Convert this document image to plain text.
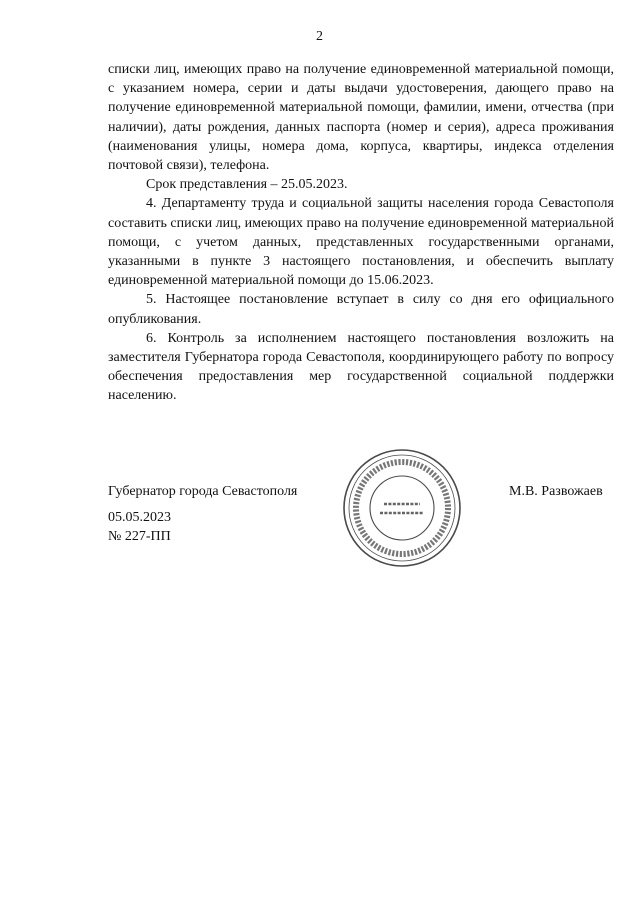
2

списки лиц, имеющих право на получение единовременной материальной помощи, с указанием номера, серии и даты выдачи удостоверения, дающего право на получение единовременной материальной помощи, фамилии, имени, отчества (при наличии), даты рождения, данных паспорта (номер и серия), адреса проживания (наименования улицы, номера дома, корпуса, квартиры, индекса отделения почтовой связи), телефона.

Срок представления – 25.05.2023.

4. Департаменту труда и социальной защиты населения города Севастополя составить списки лиц, имеющих право на получение единовременной материальной помощи, с учетом данных, представленных государственными органами, указанными в пункте 3 настоящего постановления, и обеспечить выплату единовременной материальной помощи до 15.06.2023.

5. Настоящее постановление вступает в силу со дня его официального опубликования.

6. Контроль за исполнением настоящего постановления возложить на заместителя Губернатора города Севастополя, координирующего работу по вопросу обеспечения предоставления мер государственной социальной поддержки населению.

Губернатор города Севастополя	М.В. Развожаев
05.05.2023
№ 227-ПП
